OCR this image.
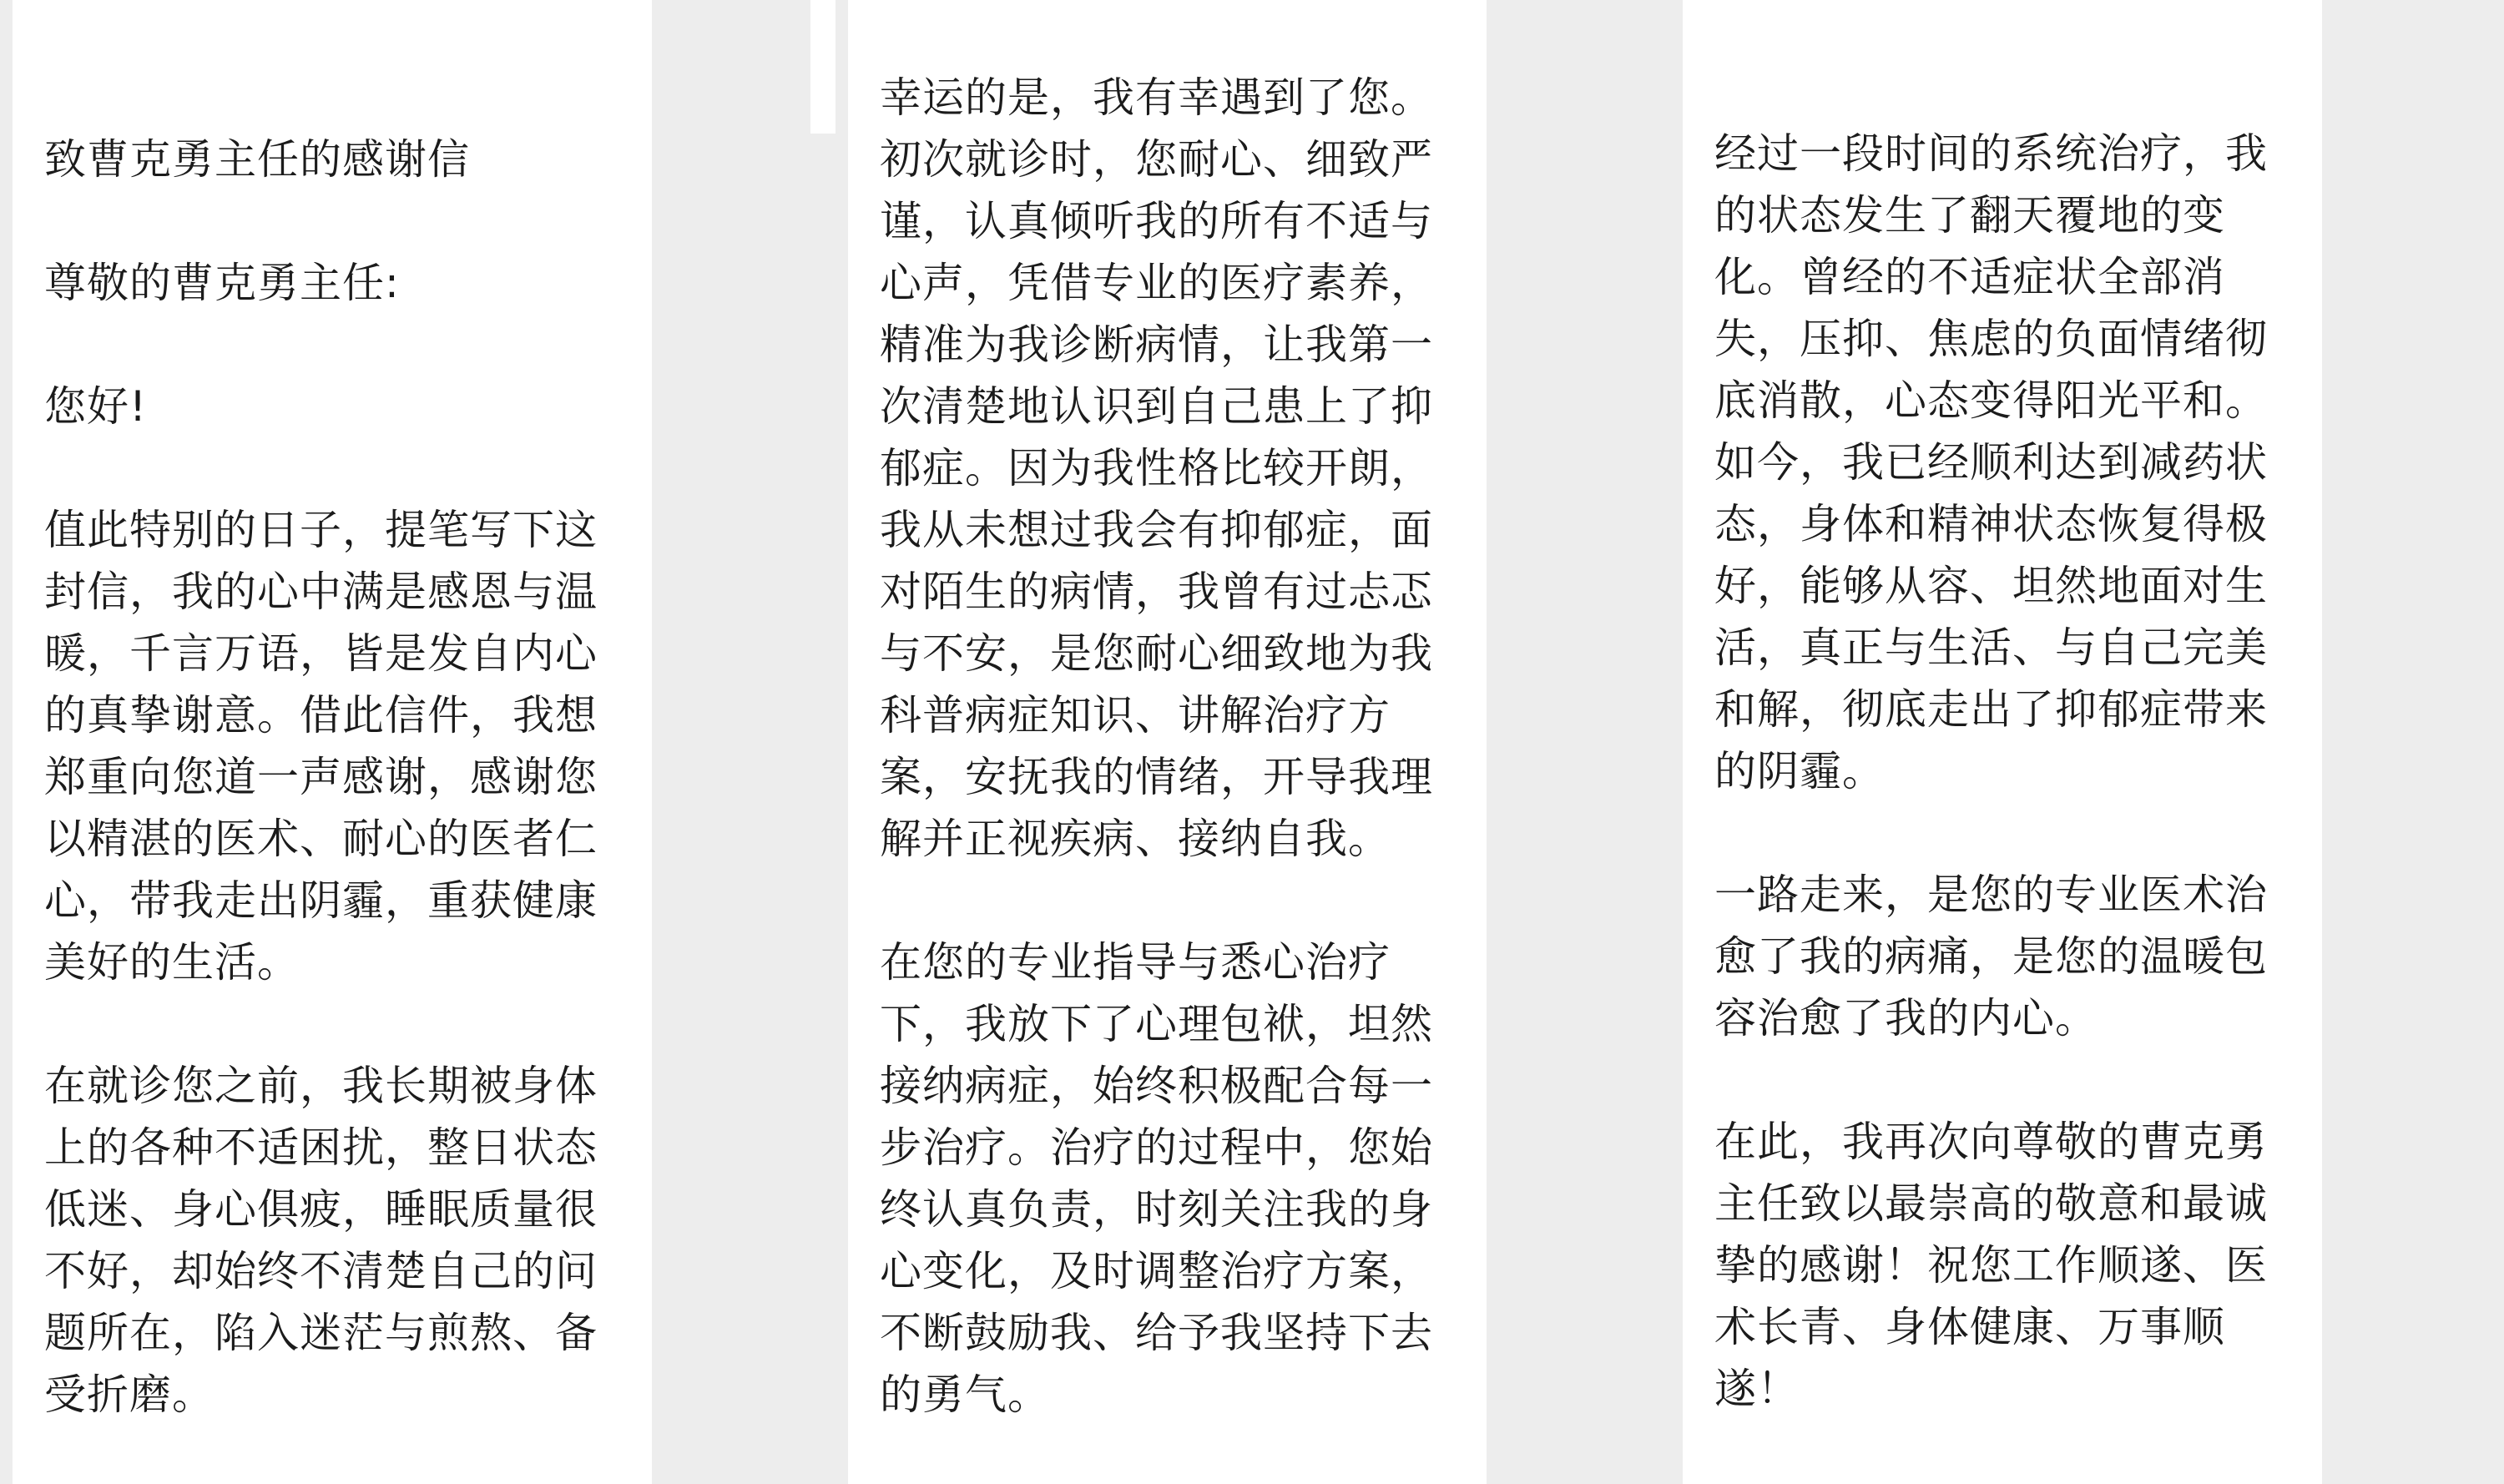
致曹克勇主任的感谢信

尊敬的曹克勇主任:

您好!

值此特别的日子，提笔写下这封信，我的心中满是感恩与温暖，千言万语，皆是发自内心的真挚谢意。借此信件，我想郑重向您道一声感谢，感谢您以精湛的医术、耐心的医者仁心，带我走出阴霾，重获健康美好的生活。

在就诊您之前，我长期被身体上的各种不适困扰，整日状态低迷、身心俱疲，睡眠质量很不好，却始终不清楚自己的问题所在，陷入迷茫与煎熬、备受折磨。

幸运的是，我有幸遇到了您。初次就诊时，您耐心、细致严谨，认真倾听我的所有不适与心声，凭借专业的医疗素养，精准为我诊断病情，让我第一次清楚地认识到自己患上了抑郁症。因为我性格比较开朗，我从未想过我会有抑郁症，面对陌生的病情，我曾有过忐忑与不安，是您耐心细致地为我科普病症知识、讲解治疗方案，安抚我的情绪，开导我理解并正视疾病、接纳自我。

在您的专业指导与悉心治疗下，我放下了心理包袱，坦然接纳病症，始终积极配合每一步治疗。治疗的过程中，您始终认真负责，时刻关注我的身心变化，及时调整治疗方案，不断鼓励我、给予我坚持下去的勇气。

经过一段时间的系统治疗，我的状态发生了翻天覆地的变化。曾经的不适症状全部消失，压抑、焦虑的负面情绪彻底消散，心态变得阳光平和。如今，我已经顺利达到减药状态，身体和精神状态恢复得极好，能够从容、坦然地面对生活，真正与生活、与自己完美和解，彻底走出了抑郁症带来的阴霾。

一路走来，是您的专业医术治愈了我的病痛，是您的温暖包容治愈了我的内心。

在此，我再次向尊敬的曹克勇主任致以最崇高的敬意和最诚挚的感谢！祝您工作顺遂、医术长青、身体健康、万事顺遂！
